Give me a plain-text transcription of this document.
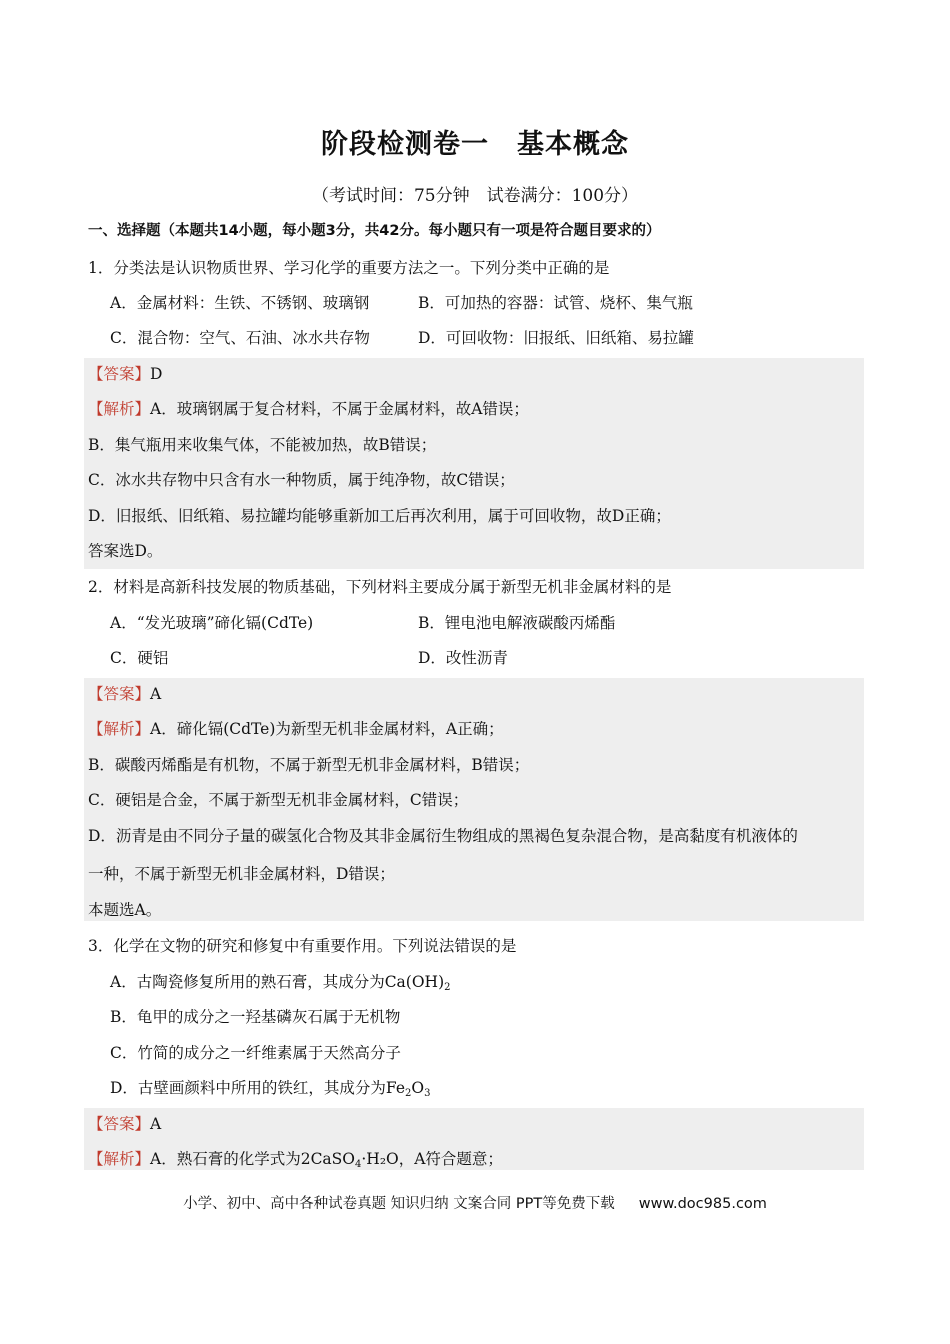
阶段检测卷一　基本概念
（考试时间：75分钟　试卷满分：100分）
一、选择题（本题共14小题，每小题3分，共42分。每小题只有一项是符合题目要求的）
1．分类法是认识物质世界、学习化学的重要方法之一。下列分类中正确的是
A．金属材料：生铁、不锈钢、玻璃钢	B．可加热的容器：试管、烧杯、集气瓶
C．混合物：空气、石油、冰水共存物	D．可回收物：旧报纸、旧纸箱、易拉罐
【答案】D
【解析】A．玻璃钢属于复合材料，不属于金属材料，故A错误；
B．集气瓶用来收集气体，不能被加热，故B错误；
C．冰水共存物中只含有水一种物质，属于纯净物，故C错误；
D．旧报纸、旧纸箱、易拉罐均能够重新加工后再次利用，属于可回收物，故D正确；
答案选D。
2．材料是高新科技发展的物质基础，下列材料主要成分属于新型无机非金属材料的是
A．“发光玻璃”碲化镉(CdTe)	B．锂电池电解液碳酸丙烯酯
C．硬铝	D．改性沥青
【答案】A
【解析】A．碲化镉(CdTe)为新型无机非金属材料，A正确；
B．碳酸丙烯酯是有机物，不属于新型无机非金属材料，B错误；
C．硬铝是合金，不属于新型无机非金属材料，C错误；
D．沥青是由不同分子量的碳氢化合物及其非金属衍生物组成的黑褐色复杂混合物，是高黏度有机液体的
一种，不属于新型无机非金属材料，D错误；
本题选A。
3．化学在文物的研究和修复中有重要作用。下列说法错误的是
A．古陶瓷修复所用的熟石膏，其成分为$Ca(OH)_2$
B．龟甲的成分之一羟基磷灰石属于无机物
C．竹简的成分之一纤维素属于天然高分子
D．古壁画颜料中所用的铁红，其成分为$Fe_2O_3$
【答案】A
【解析】A．熟石膏的化学式为2CaSO$_4$·H₂O，A符合题意；
小学、初中、高中各种试卷真题 知识归纳 文案合同 PPT等免费下载 www.doc985.com
